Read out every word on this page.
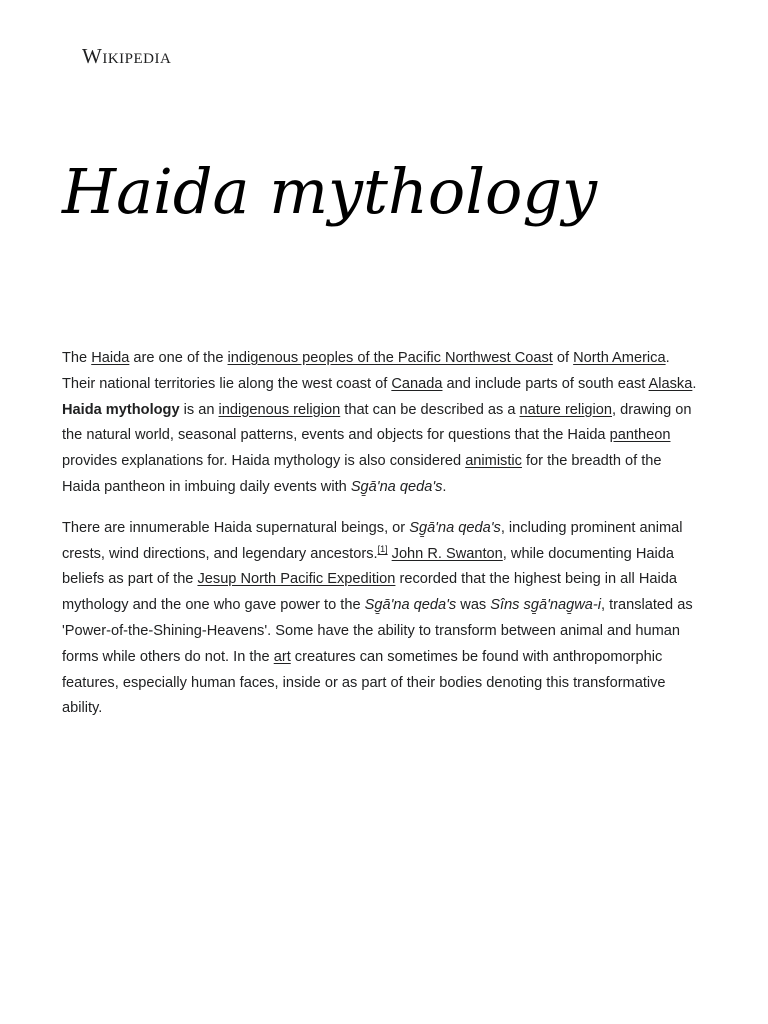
Wikipedia
Haida mythology

The Haida are one of the indigenous peoples of the Pacific Northwest Coast of North America. Their national territories lie along the west coast of Canada and include parts of south east Alaska. Haida mythology is an indigenous religion that can be described as a nature religion, drawing on the natural world, seasonal patterns, events and objects for questions that the Haida pantheon provides explanations for. Haida mythology is also considered animistic for the breadth of the Haida pantheon in imbuing daily events with Sg̱ā'na qeda's.

There are innumerable Haida supernatural beings, or Sg̱ā'na qeda's, including prominent animal crests, wind directions, and legendary ancestors.[1] John R. Swanton, while documenting Haida beliefs as part of the Jesup North Pacific Expedition recorded that the highest being in all Haida mythology and the one who gave power to the Sg̱ā'na qeda's was Sîns sg̱ā'nag̱wa-i, translated as 'Power-of-the-Shining-Heavens'. Some have the ability to transform between animal and human forms while others do not. In the art creatures can sometimes be found with anthropomorphic features, especially human faces, inside or as part of their bodies denoting this transformative ability.
